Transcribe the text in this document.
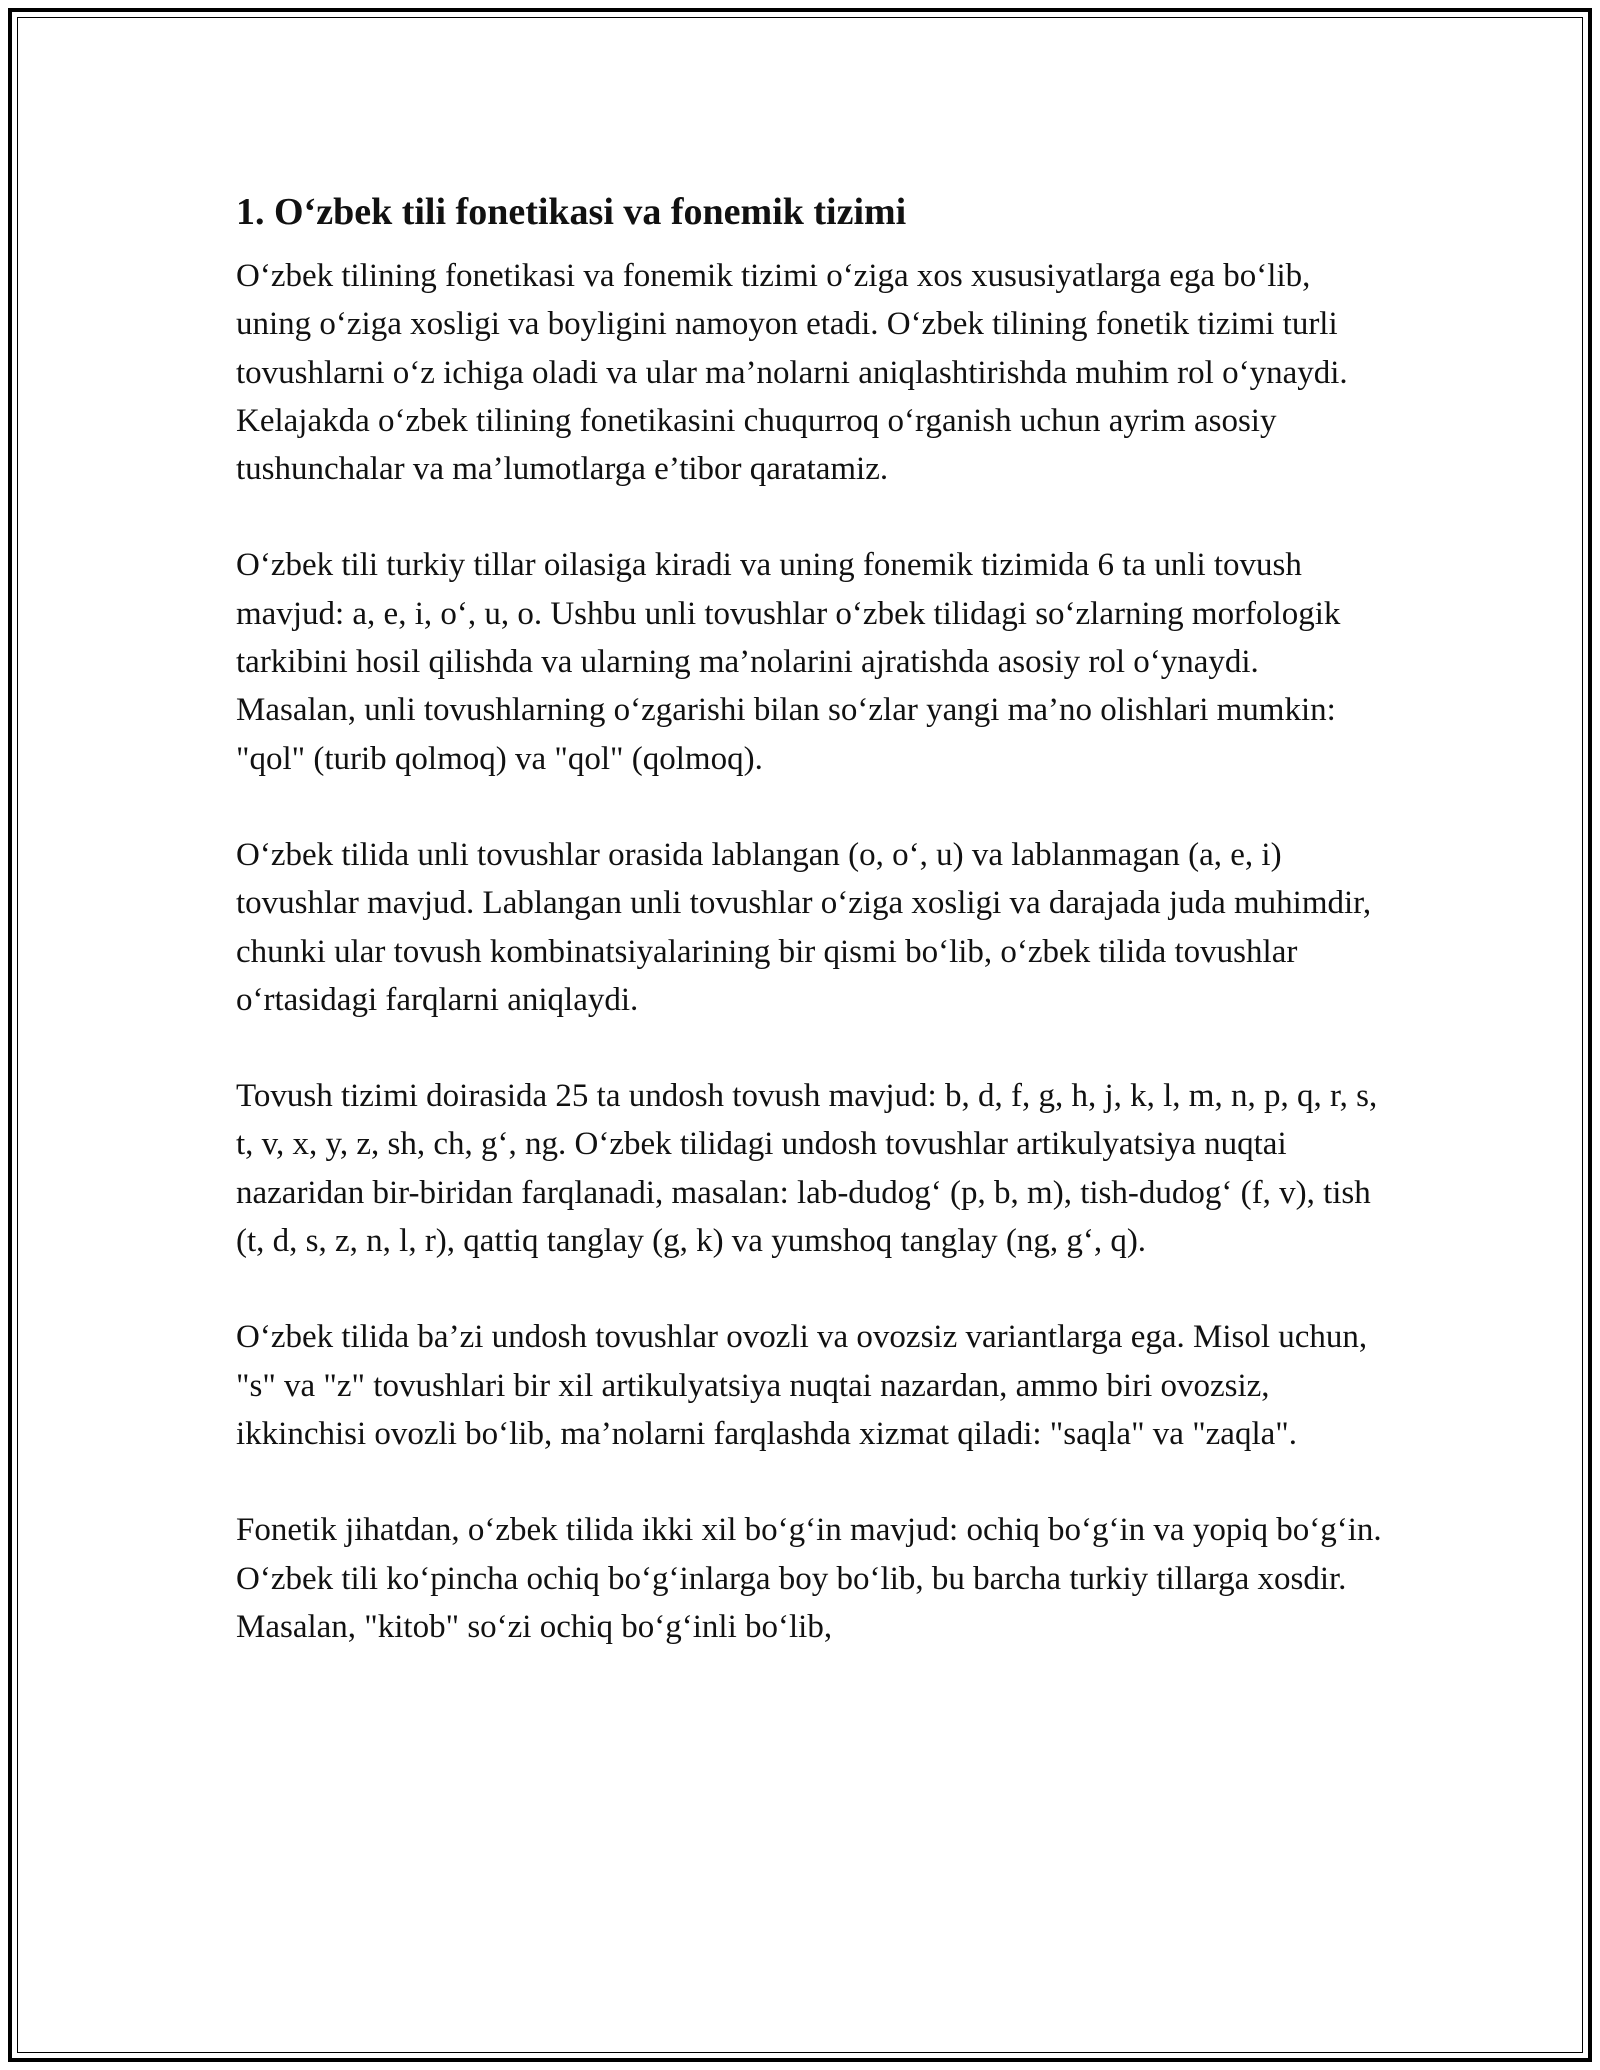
1. O‘zbek tili fonetikasi va fonemik tizimi

O‘zbek tilining fonetikasi va fonemik tizimi o‘ziga xos xususiyatlarga ega bo‘lib, uning o‘ziga xosligi va boyligini namoyon etadi. O‘zbek tilining fonetik tizimi turli tovushlarni o‘z ichiga oladi va ular ma’nolarni aniqlashtirishda muhim rol o‘ynaydi. Kelajakda o‘zbek tilining fonetikasini chuqurroq o‘rganish uchun ayrim asosiy tushunchalar va ma’lumotlarga e’tibor qaratamiz.

O‘zbek tili turkiy tillar oilasiga kiradi va uning fonemik tizimida 6 ta unli tovush mavjud: a, e, i, o‘, u, o. Ushbu unli tovushlar o‘zbek tilidagi so‘zlarning morfologik tarkibini hosil qilishda va ularning ma’nolarini ajratishda asosiy rol o‘ynaydi. Masalan, unli tovushlarning o‘zgarishi bilan so‘zlar yangi ma’no olishlari mumkin: "qol" (turib qolmoq) va "qol" (qolmoq).

O‘zbek tilida unli tovushlar orasida lablangan (o, o‘, u) va lablanmagan (a, e, i) tovushlar mavjud. Lablangan unli tovushlar o‘ziga xosligi va darajada juda muhimdir, chunki ular tovush kombinatsiyalarining bir qismi bo‘lib, o‘zbek tilida tovushlar o‘rtasidagi farqlarni aniqlaydi.

Tovush tizimi doirasida 25 ta undosh tovush mavjud: b, d, f, g, h, j, k, l, m, n, p, q, r, s, t, v, x, y, z, sh, ch, g‘, ng. O‘zbek tilidagi undosh tovushlar artikulyatsiya nuqtai nazaridan bir-biridan farqlanadi, masalan: lab-dudog‘ (p, b, m), tish-dudog‘ (f, v), tish (t, d, s, z, n, l, r), qattiq tanglay (g, k) va yumshoq tanglay (ng, g‘, q).

O‘zbek tilida ba’zi undosh tovushlar ovozli va ovozsiz variantlarga ega. Misol uchun, "s" va "z" tovushlari bir xil artikulyatsiya nuqtai nazardan, ammo biri ovozsiz, ikkinchisi ovozli bo‘lib, ma’nolarni farqlashda xizmat qiladi: "saqla" va "zaqla".

Fonetik jihatdan, o‘zbek tilida ikki xil bo‘g‘in mavjud: ochiq bo‘g‘in va yopiq bo‘g‘in. O‘zbek tili ko‘pincha ochiq bo‘g‘inlarga boy bo‘lib, bu barcha turkiy tillarga xosdir. Masalan, "kitob" so‘zi ochiq bo‘g‘inli bo‘lib,
